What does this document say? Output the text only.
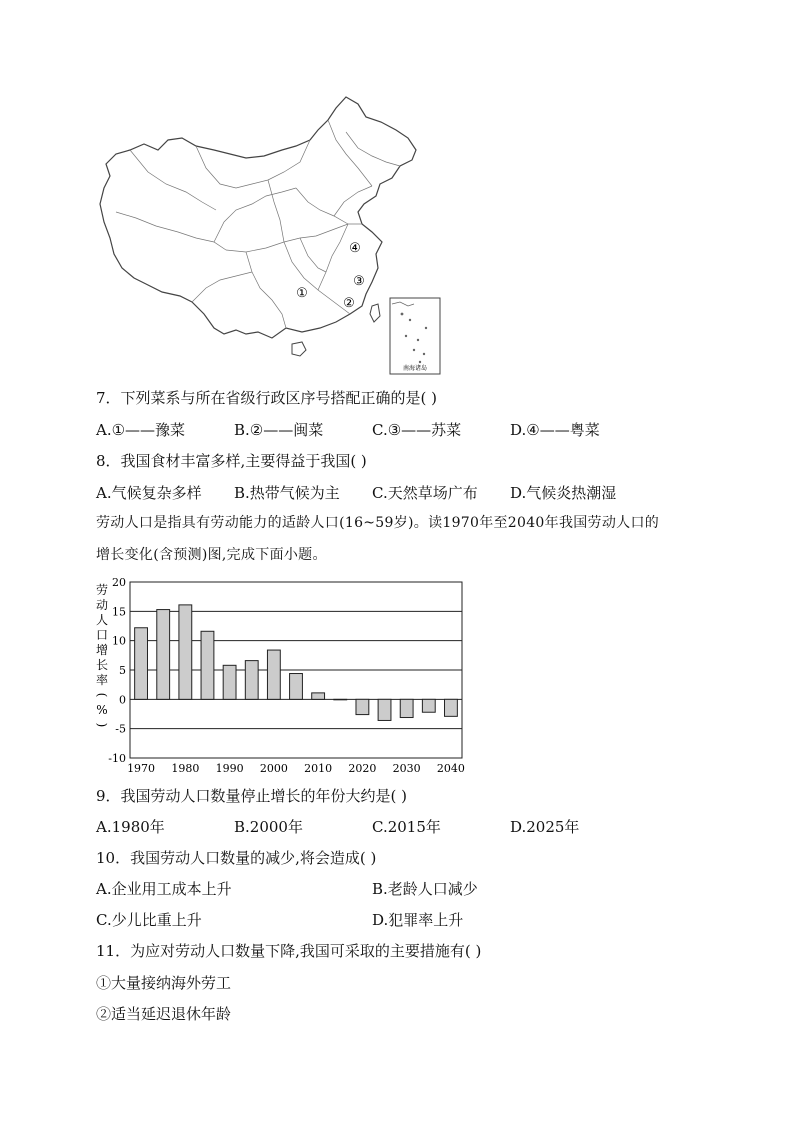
①
②
③
④
南海诸岛
7．下列菜系与所在省级行政区序号搭配正确的是( )
A.①——豫菜	B.②——闽菜	C.③——苏菜	D.④——粤菜
8．我国食材丰富多样,主要得益于我国( )
A.气候复杂多样 B.热带气候为主 C.天然草场广布 D.气候炎热潮湿
劳动人口是指具有劳动能力的适龄人口(16~59岁)。读1970年至2040年我国劳动人口的
增长变化(含预测)图,完成下面小题。
劳
动
人
口
增
长
率
(
%
)
20
15
10
5
0
-5
-10
1970 1980 1990 2000 2010 2020 2030 2040
9．我国劳动人口数量停止增长的年份大约是( )
A.1980年	B.2000年	C.2015年	D.2025年
10．我国劳动人口数量的减少,将会造成( )
A.企业用工成本上升	B.老龄人口减少
C.少儿比重上升	D.犯罪率上升
11．为应对劳动人口数量下降,我国可采取的主要措施有( )
①大量接纳海外劳工
②适当延迟退休年龄
